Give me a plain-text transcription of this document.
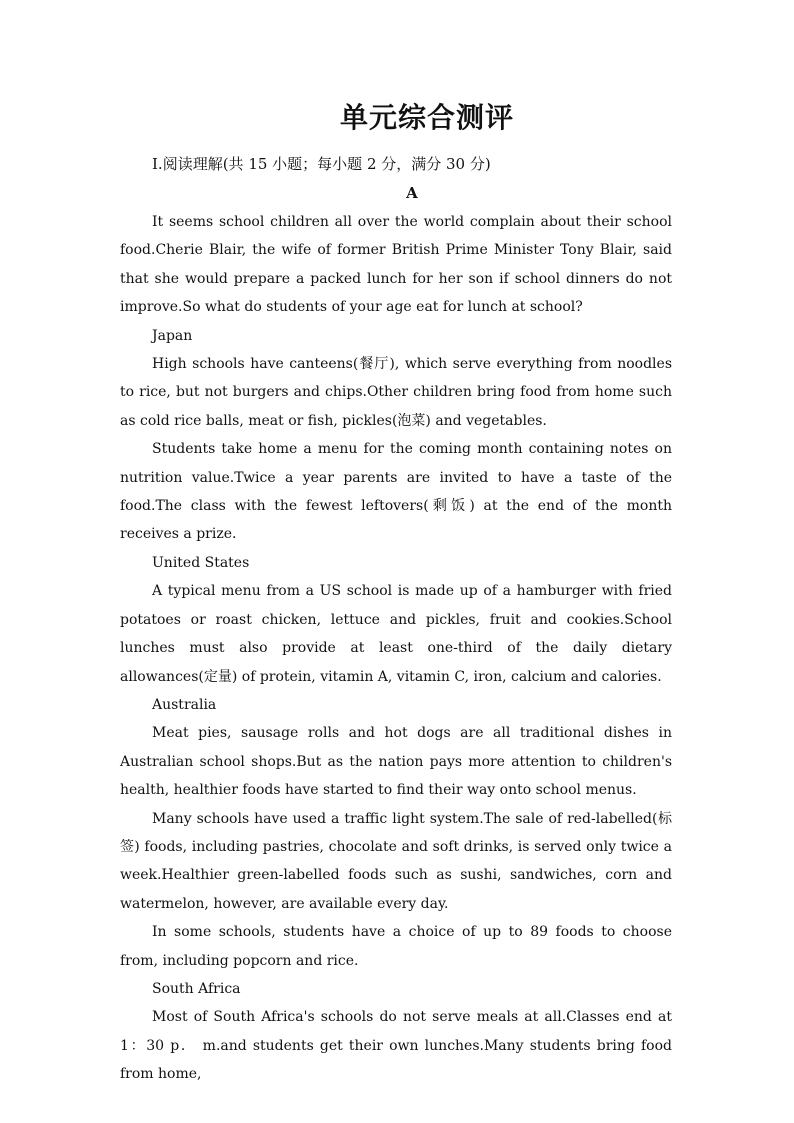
单元综合测评
Ⅰ.阅读理解(共 15 小题；每小题 2 分，满分 30 分)
A

It seems school children all over the world complain about their school food.Cherie Blair, the wife of former British Prime Minister Tony Blair, said that she would prepare a packed lunch for her son if school dinners do not improve.So what do students of your age eat for lunch at school?

Japan

High schools have canteens(餐厅), which serve everything from noodles to rice, but not burgers and chips.Other children bring food from home such as cold rice balls, meat or fish, pickles(泡菜) and vegetables.

Students take home a menu for the coming month containing notes on nutrition value.Twice a year parents are invited to have a taste of the food.The class with the fewest leftovers(剩饭) at the end of the month receives a prize.

United States

A typical menu from a US school is made up of a hamburger with fried potatoes or roast chicken, lettuce and pickles, fruit and cookies.School lunches must also provide at least one-third of the daily dietary allowances(定量) of protein, vitamin A, vitamin C, iron, calcium and calories.

Australia

Meat pies, sausage rolls and hot dogs are all traditional dishes in Australian school shops.But as the nation pays more attention to children's health, healthier foods have started to find their way onto school menus.

Many schools have used a traffic light system.The sale of red-labelled(标签) foods, including pastries, chocolate and soft drinks, is served only twice a week.Healthier green-labelled foods such as sushi, sandwiches, corn and watermelon, however, are available every day.

In some schools, students have a choice of up to 89 foods to choose from, including popcorn and rice.

South Africa

Most of South Africa's schools do not serve meals at all.Classes end at 1：30 p． m.and students get their own lunches.Many students bring food from home,
